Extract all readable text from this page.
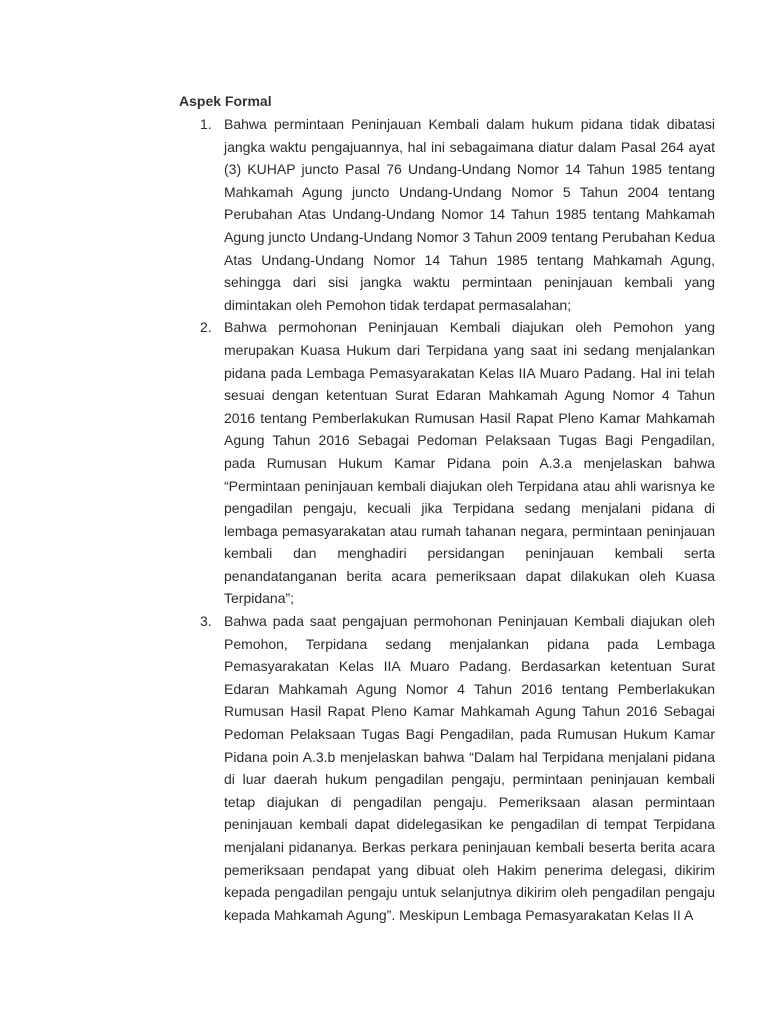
Aspek Formal
1. Bahwa permintaan Peninjauan Kembali dalam hukum pidana tidak dibatasi jangka waktu pengajuannya, hal ini sebagaimana diatur dalam Pasal 264 ayat (3) KUHAP juncto Pasal 76 Undang-Undang Nomor 14 Tahun 1985 tentang Mahkamah Agung juncto Undang-Undang Nomor 5 Tahun 2004 tentang Perubahan Atas Undang-Undang Nomor 14 Tahun 1985 tentang Mahkamah Agung juncto Undang-Undang Nomor 3 Tahun 2009 tentang Perubahan Kedua Atas Undang-Undang Nomor 14 Tahun 1985 tentang Mahkamah Agung, sehingga dari sisi jangka waktu permintaan peninjauan kembali yang dimintakan oleh Pemohon tidak terdapat permasalahan;

2. Bahwa permohonan Peninjauan Kembali diajukan oleh Pemohon yang merupakan Kuasa Hukum dari Terpidana yang saat ini sedang menjalankan pidana pada Lembaga Pemasyarakatan Kelas IIA Muaro Padang. Hal ini telah sesuai dengan ketentuan Surat Edaran Mahkamah Agung Nomor 4 Tahun 2016 tentang Pemberlakukan Rumusan Hasil Rapat Pleno Kamar Mahkamah Agung Tahun 2016 Sebagai Pedoman Pelaksaan Tugas Bagi Pengadilan, pada Rumusan Hukum Kamar Pidana poin A.3.a menjelaskan bahwa “Permintaan peninjauan kembali diajukan oleh Terpidana atau ahli warisnya ke pengadilan pengaju, kecuali jika Terpidana sedang menjalani pidana di lembaga pemasyarakatan atau rumah tahanan negara, permintaan peninjauan kembali dan menghadiri persidangan peninjauan kembali serta penandatanganan berita acara pemeriksaan dapat dilakukan oleh Kuasa Terpidana”;

3. Bahwa pada saat pengajuan permohonan Peninjauan Kembali diajukan oleh Pemohon, Terpidana sedang menjalankan pidana pada Lembaga Pemasyarakatan Kelas IIA Muaro Padang. Berdasarkan ketentuan Surat Edaran Mahkamah Agung Nomor 4 Tahun 2016 tentang Pemberlakukan Rumusan Hasil Rapat Pleno Kamar Mahkamah Agung Tahun 2016 Sebagai Pedoman Pelaksaan Tugas Bagi Pengadilan, pada Rumusan Hukum Kamar Pidana poin A.3.b menjelaskan bahwa “Dalam hal Terpidana menjalani pidana di luar daerah hukum pengadilan pengaju, permintaan peninjauan kembali tetap diajukan di pengadilan pengaju. Pemeriksaan alasan permintaan peninjauan kembali dapat didelegasikan ke pengadilan di tempat Terpidana menjalani pidananya. Berkas perkara peninjauan kembali beserta berita acara pemeriksaan pendapat yang dibuat oleh Hakim penerima delegasi, dikirim kepada pengadilan pengaju untuk selanjutnya dikirim oleh pengadilan pengaju kepada Mahkamah Agung”. Meskipun Lembaga Pemasyarakatan Kelas II A
